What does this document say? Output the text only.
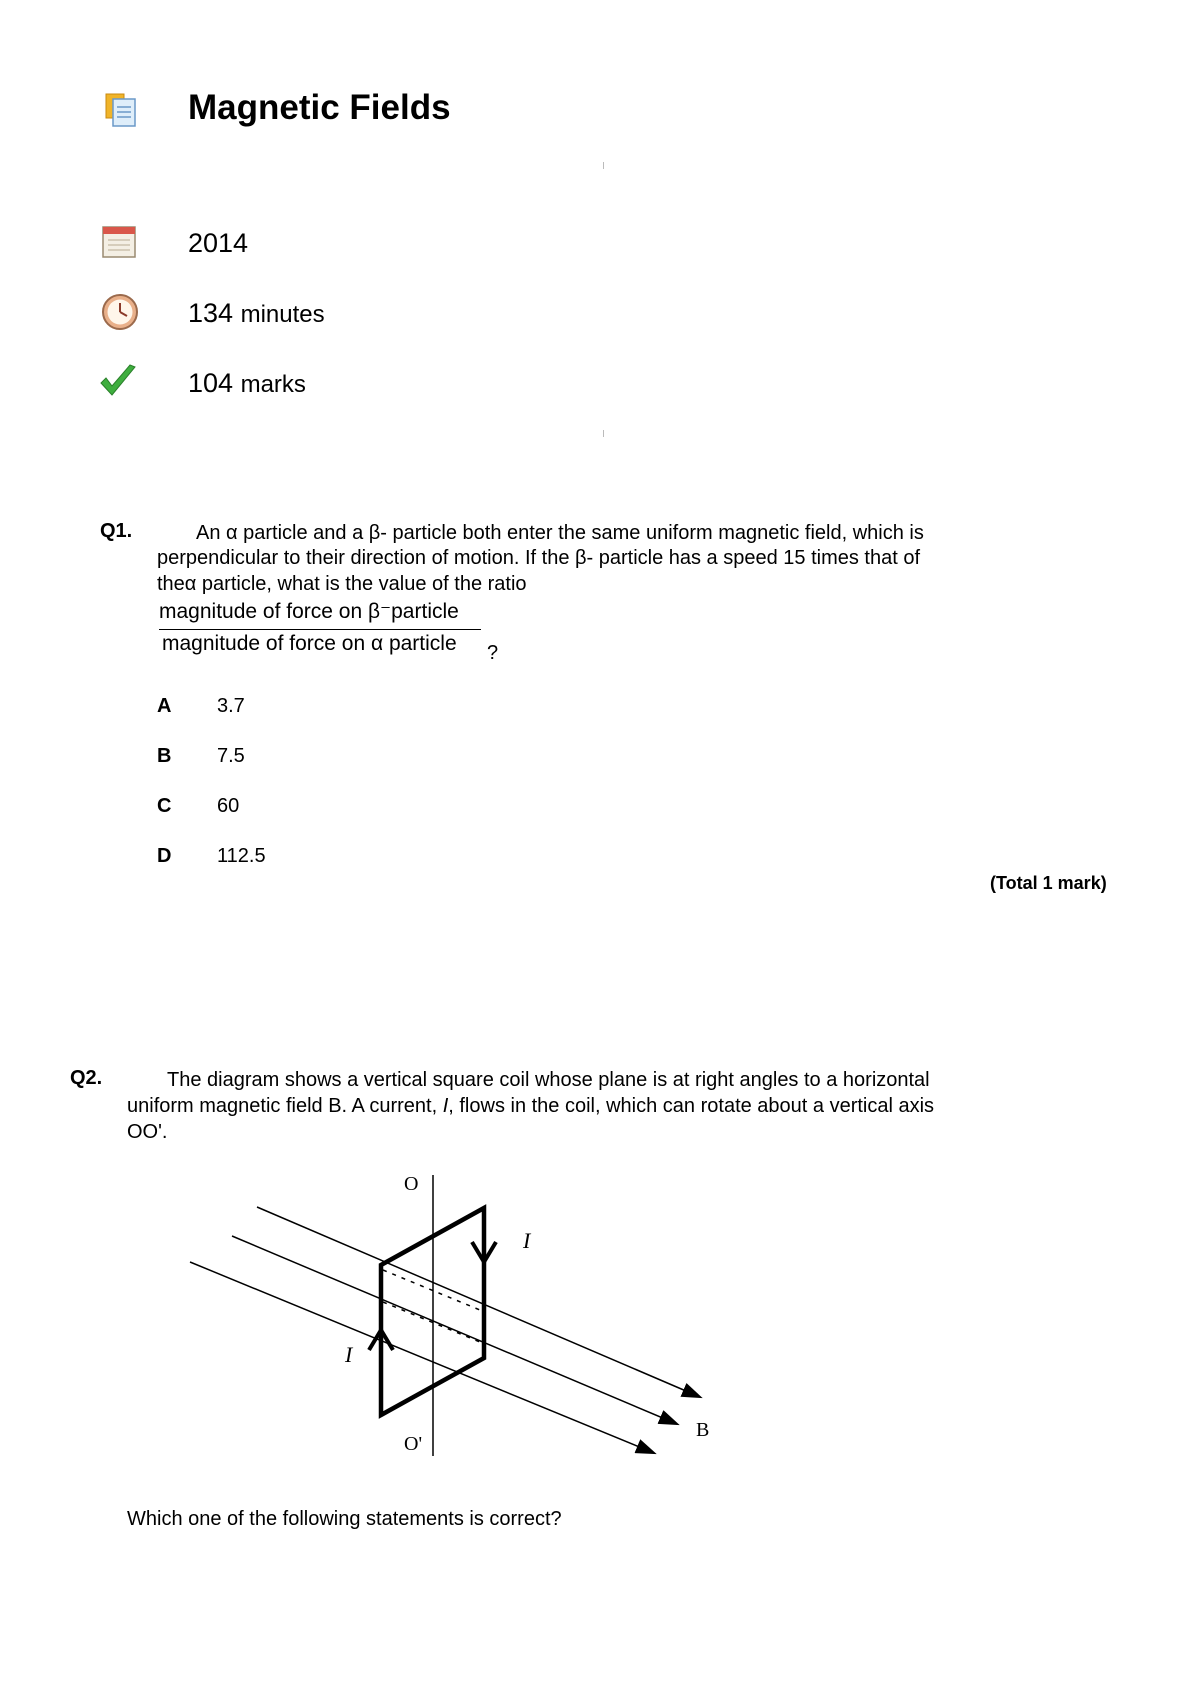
Magnetic Fields
2014
134 minutes
104 marks
Q1.	An α particle and a β- particle both enter the same uniform magnetic field, which is
perpendicular to their direction of motion. If the β- particle has a speed 15 times that of
theα particle, what is the value of the ratio
magnitude of force on β⁻particle
magnitude of force on α particle ?
A 3.7
B 7.5
C 60
D 112.5
(Total 1 mark)
Q2.	The diagram shows a vertical square coil whose plane is at right angles to a horizontal
uniform magnetic field B. A current, I, flows in the coil, which can rotate about a vertical axis
OO'.
O
O'
I
I
B
Which one of the following statements is correct?
